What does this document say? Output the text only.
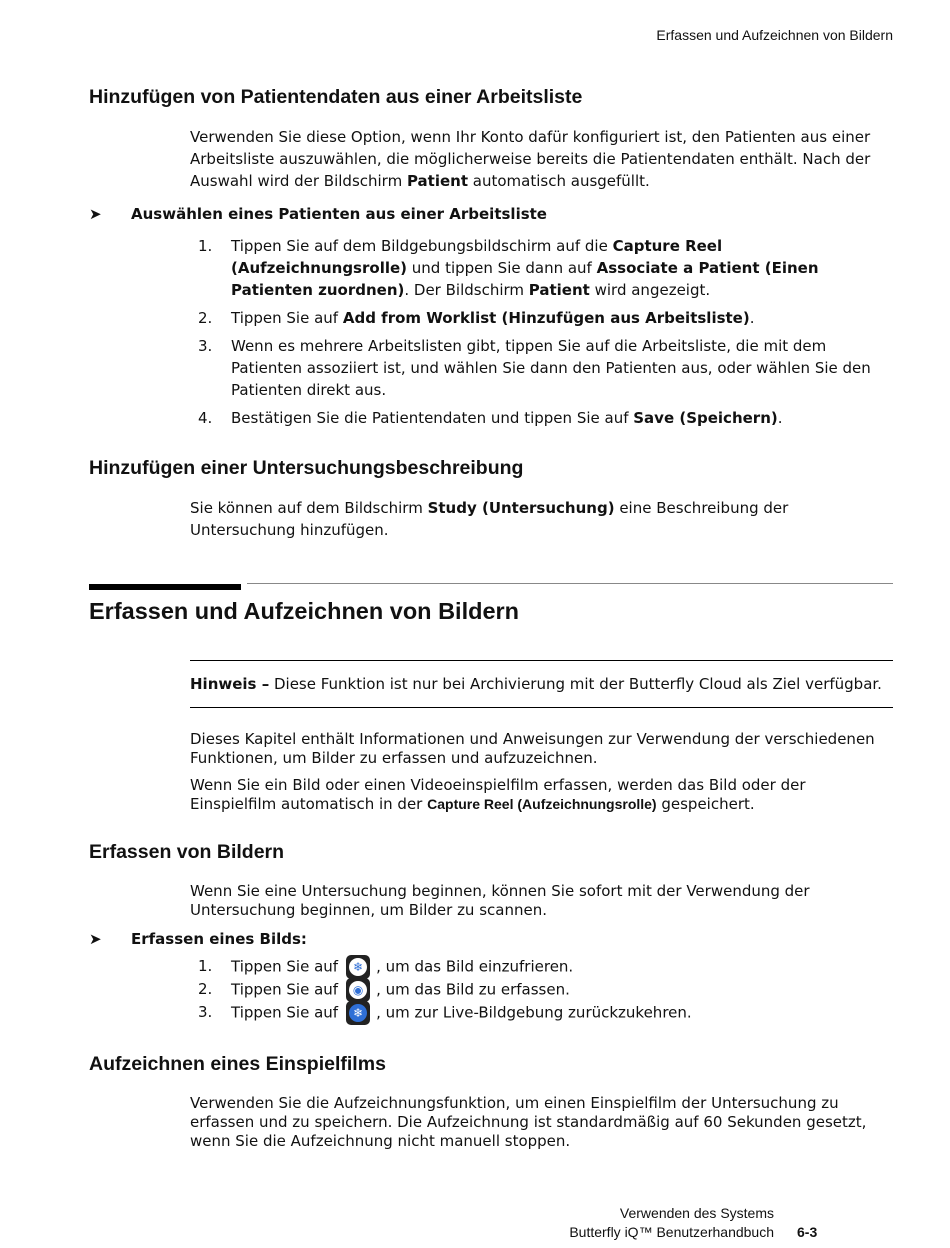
Erfassen und Aufzeichnen von Bildern
Hinzufügen von Patientendaten aus einer Arbeitsliste
Verwenden Sie diese Option, wenn Ihr Konto dafür konfiguriert ist, den Patienten aus einer Arbeitsliste auszuwählen, die möglicherweise bereits die Patientendaten enthält. Nach der Auswahl wird der Bildschirm Patient automatisch ausgefüllt.
➤ Auswählen eines Patienten aus einer Arbeitsliste
1. Tippen Sie auf dem Bildgebungsbildschirm auf die Capture Reel (Aufzeichnungsrolle) und tippen Sie dann auf Associate a Patient (Einen Patienten zuordnen). Der Bildschirm Patient wird angezeigt.
2. Tippen Sie auf Add from Worklist (Hinzufügen aus Arbeitsliste).
3. Wenn es mehrere Arbeitslisten gibt, tippen Sie auf die Arbeitsliste, die mit dem Patienten assoziiert ist, und wählen Sie dann den Patienten aus, oder wählen Sie den Patienten direkt aus.
4. Bestätigen Sie die Patientendaten und tippen Sie auf Save (Speichern).
Hinzufügen einer Untersuchungsbeschreibung
Sie können auf dem Bildschirm Study (Untersuchung) eine Beschreibung der Untersuchung hinzufügen.
Erfassen und Aufzeichnen von Bildern
Hinweis – Diese Funktion ist nur bei Archivierung mit der Butterfly Cloud als Ziel verfügbar.
Dieses Kapitel enthält Informationen und Anweisungen zur Verwendung der verschiedenen Funktionen, um Bilder zu erfassen und aufzuzeichnen.
Wenn Sie ein Bild oder einen Videoeinspielfilm erfassen, werden das Bild oder der Einspielfilm automatisch in der Capture Reel (Aufzeichnungsrolle) gespeichert.
Erfassen von Bildern
Wenn Sie eine Untersuchung beginnen, können Sie sofort mit der Verwendung der Untersuchung beginnen, um Bilder zu scannen.
➤ Erfassen eines Bilds:
1. Tippen Sie auf	❄ , um das Bild einzufrieren.
2. Tippen Sie auf	◉ , um das Bild zu erfassen.
3. Tippen Sie auf	❄ , um zur Live-Bildgebung zurückzukehren.
Aufzeichnen eines Einspielfilms
Verwenden Sie die Aufzeichnungsfunktion, um einen Einspielfilm der Untersuchung zu erfassen und zu speichern. Die Aufzeichnung ist standardmäßig auf 60 Sekunden gesetzt, wenn Sie die Aufzeichnung nicht manuell stoppen.
Verwenden des Systems
Butterfly iQ™ Benutzerhandbuch 6-3
